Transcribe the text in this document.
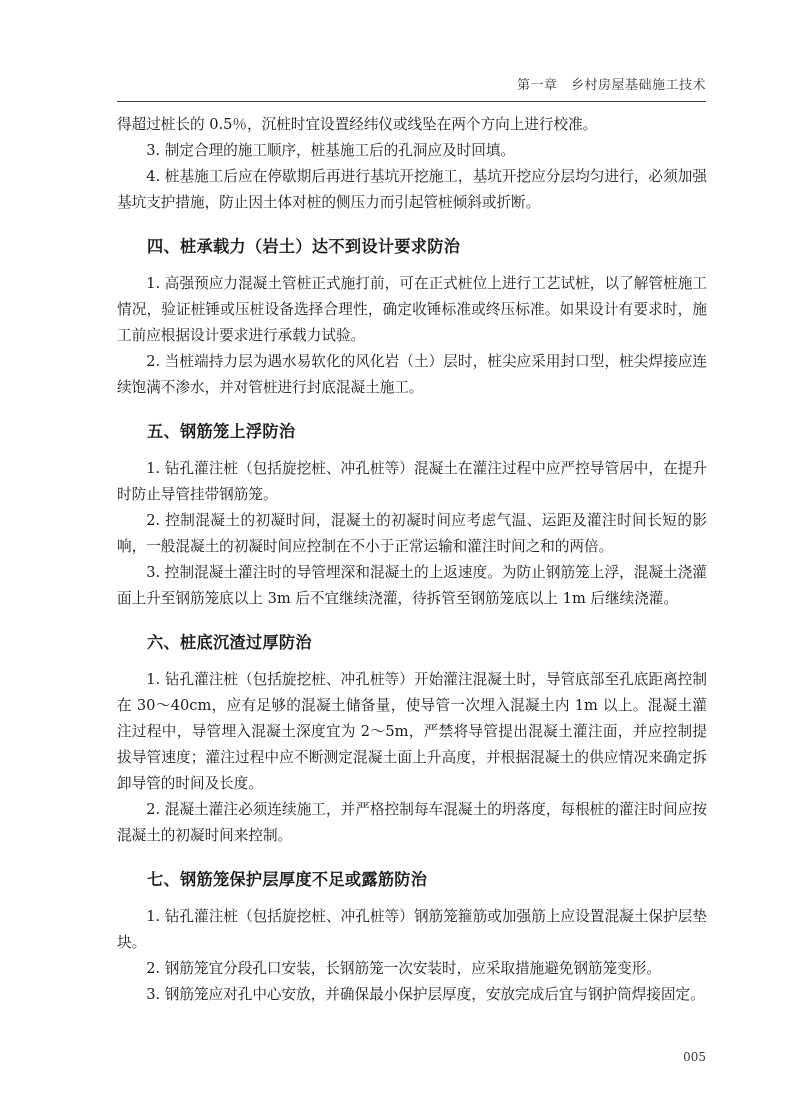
第一章　乡村房屋基础施工技术

得超过桩长的 0.5％，沉桩时宜设置经纬仪或线坠在两个方向上进行校准。

3. 制定合理的施工顺序，桩基施工后的孔洞应及时回填。

4. 桩基施工后应在停歇期后再进行基坑开挖施工，基坑开挖应分层均匀进行，必须加强基坑支护措施，防止因土体对桩的侧压力而引起管桩倾斜或折断。

四、桩承载力（岩土）达不到设计要求防治

1. 高强预应力混凝土管桩正式施打前，可在正式桩位上进行工艺试桩，以了解管桩施工情况，验证桩锤或压桩设备选择合理性，确定收锤标准或终压标准。如果设计有要求时，施工前应根据设计要求进行承载力试验。

2. 当桩端持力层为遇水易软化的风化岩（土）层时，桩尖应采用封口型，桩尖焊接应连续饱满不渗水，并对管桩进行封底混凝土施工。

五、钢筋笼上浮防治

1. 钻孔灌注桩（包括旋挖桩、冲孔桩等）混凝土在灌注过程中应严控导管居中，在提升时防止导管挂带钢筋笼。

2. 控制混凝土的初凝时间，混凝土的初凝时间应考虑气温、运距及灌注时间长短的影响，一般混凝土的初凝时间应控制在不小于正常运输和灌注时间之和的两倍。

3. 控制混凝土灌注时的导管埋深和混凝土的上返速度。为防止钢筋笼上浮，混凝土浇灌面上升至钢筋笼底以上 3m 后不宜继续浇灌，待拆管至钢筋笼底以上 1m 后继续浇灌。

六、桩底沉渣过厚防治

1. 钻孔灌注桩（包括旋挖桩、冲孔桩等）开始灌注混凝土时，导管底部至孔底距离控制在 30～40cm，应有足够的混凝土储备量，使导管一次埋入混凝土内 1m 以上。混凝土灌注过程中，导管埋入混凝土深度宜为 2～5m，严禁将导管提出混凝土灌注面，并应控制提拔导管速度；灌注过程中应不断测定混凝土面上升高度，并根据混凝土的供应情况来确定拆卸导管的时间及长度。

2. 混凝土灌注必须连续施工，并严格控制每车混凝土的坍落度，每根桩的灌注时间应按混凝土的初凝时间来控制。

七、钢筋笼保护层厚度不足或露筋防治

1. 钻孔灌注桩（包括旋挖桩、冲孔桩等）钢筋笼箍筋或加强筋上应设置混凝土保护层垫块。

2. 钢筋笼宜分段孔口安装，长钢筋笼一次安装时，应采取措施避免钢筋笼变形。

3. 钢筋笼应对孔中心安放，并确保最小保护层厚度，安放完成后宜与钢护筒焊接固定。

005
